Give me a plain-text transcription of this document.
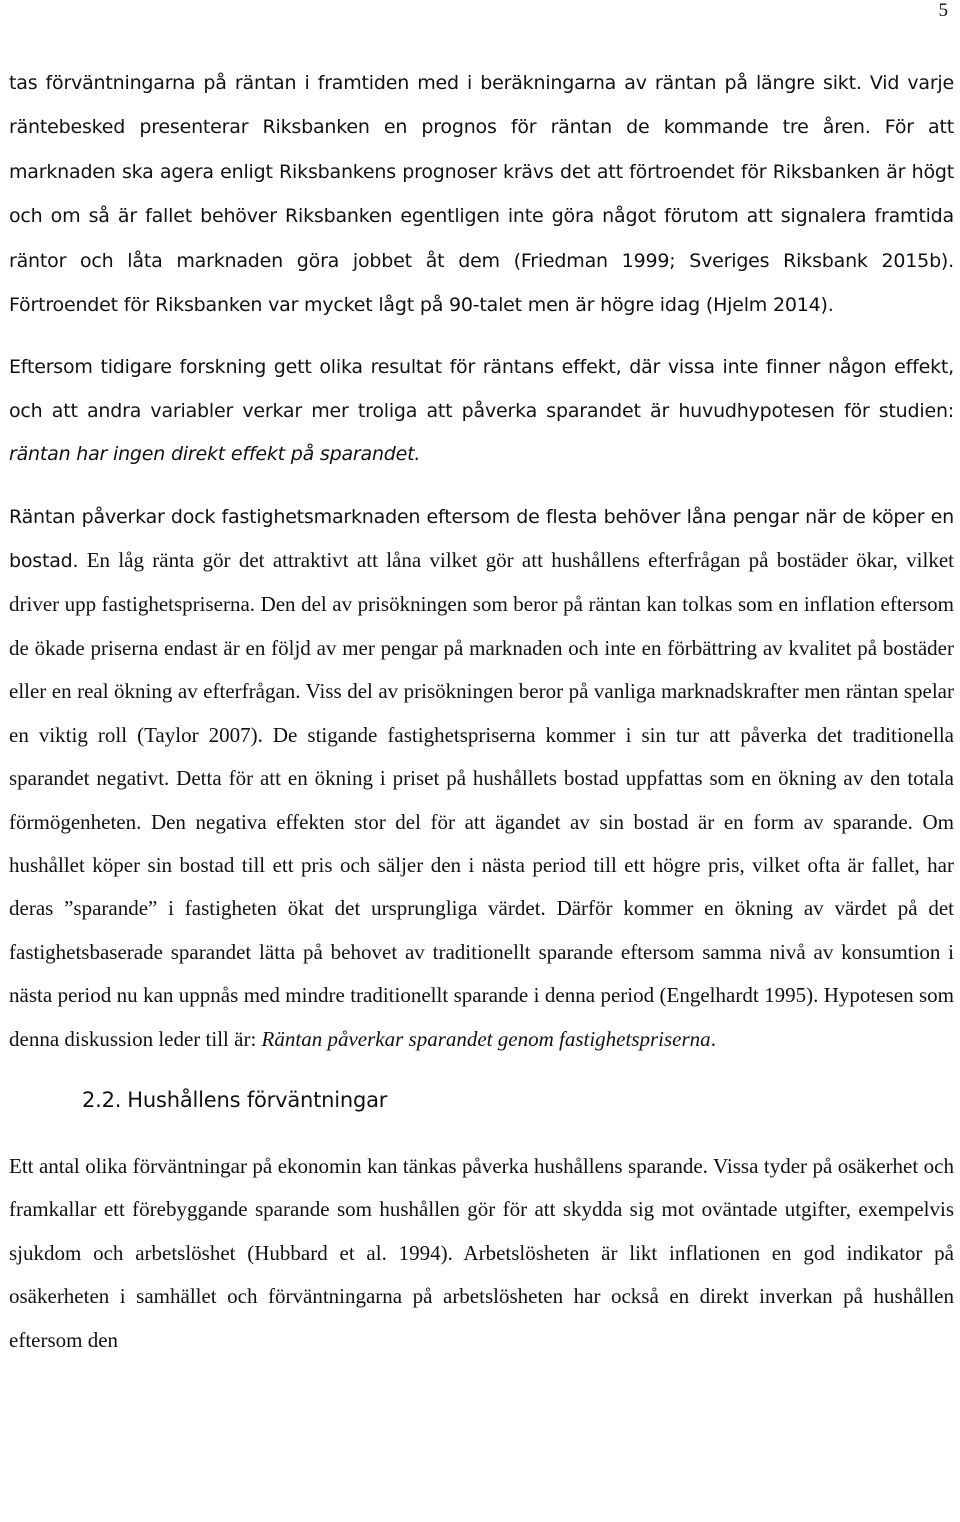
5

tas förväntningarna på räntan i framtiden med i beräkningarna av räntan på längre sikt. Vid varje räntebesked presenterar Riksbanken en prognos för räntan de kommande tre åren. För att marknaden ska agera enligt Riksbankens prognoser krävs det att förtroendet för Riksbanken är högt och om så är fallet behöver Riksbanken egentligen inte göra något förutom att signalera framtida räntor och låta marknaden göra jobbet åt dem (Friedman 1999; Sveriges Riksbank 2015b). Förtroendet för Riksbanken var mycket lågt på 90-talet men är högre idag (Hjelm 2014).

Eftersom tidigare forskning gett olika resultat för räntans effekt, där vissa inte finner någon effekt, och att andra variabler verkar mer troliga att påverka sparandet är huvudhypotesen för studien: räntan har ingen direkt effekt på sparandet.

Räntan påverkar dock fastighetsmarknaden eftersom de flesta behöver låna pengar när de köper en bostad. En låg ränta gör det attraktivt att låna vilket gör att hushållens efterfrågan på bostäder ökar, vilket driver upp fastighetspriserna. Den del av prisökningen som beror på räntan kan tolkas som en inflation eftersom de ökade priserna endast är en följd av mer pengar på marknaden och inte en förbättring av kvalitet på bostäder eller en real ökning av efterfrågan. Viss del av prisökningen beror på vanliga marknadskrafter men räntan spelar en viktig roll (Taylor 2007). De stigande fastighetspriserna kommer i sin tur att påverka det traditionella sparandet negativt. Detta för att en ökning i priset på hushållets bostad uppfattas som en ökning av den totala förmögenheten. Den negativa effekten stor del för att ägandet av sin bostad är en form av sparande. Om hushållet köper sin bostad till ett pris och säljer den i nästa period till ett högre pris, vilket ofta är fallet, har deras ”sparande” i fastigheten ökat det ursprungliga värdet. Därför kommer en ökning av värdet på det fastighetsbaserade sparandet lätta på behovet av traditionellt sparande eftersom samma nivå av konsumtion i nästa period nu kan uppnås med mindre traditionellt sparande i denna period (Engelhardt 1995). Hypotesen som denna diskussion leder till är: Räntan påverkar sparandet genom fastighetspriserna.

2.2. Hushållens förväntningar

Ett antal olika förväntningar på ekonomin kan tänkas påverka hushållens sparande. Vissa tyder på osäkerhet och framkallar ett förebyggande sparande som hushållen gör för att skydda sig mot oväntade utgifter, exempelvis sjukdom och arbetslöshet (Hubbard et al. 1994). Arbetslösheten är likt inflationen en god indikator på osäkerheten i samhället och förväntningarna på arbetslösheten har också en direkt inverkan på hushållen eftersom den
